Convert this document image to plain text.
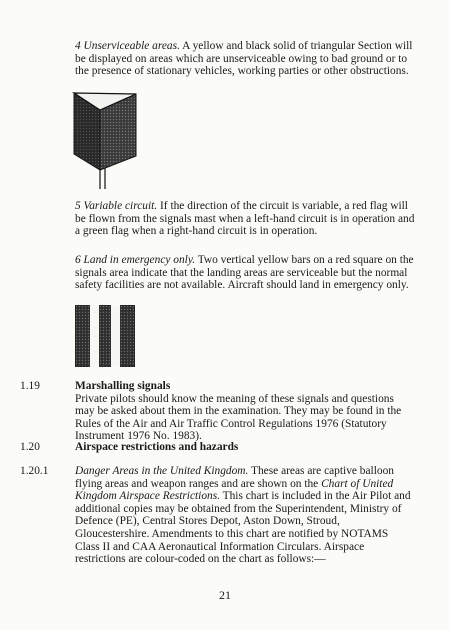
4 Unserviceable areas. A yellow and black solid of triangular Section will be displayed on areas which are unserviceable owing to bad ground or to the presence of stationary vehicles, working parties or other obstructions.

5 Variable circuit. If the direction of the circuit is variable, a red flag will be flown from the signals mast when a left-hand circuit is in operation and a green flag when a right-hand circuit is in operation.

6 Land in emergency only. Two vertical yellow bars on a red square on the signals area indicate that the landing areas are serviceable but the normal safety facilities are not available. Aircraft should land in emergency only.

1.19	Marshalling signals

Private pilots should know the meaning of these signals and questions may be asked about them in the examination. They may be found in the Rules of the Air and Air Traffic Control Regulations 1976 (Statutory Instrument 1976 No. 1983).

1.20	Airspace restrictions and hazards

1.20.1 Danger Areas in the United Kingdom. These areas are captive balloon flying areas and weapon ranges and are shown on the Chart of United Kingdom Airspace Restrictions. This chart is included in the Air Pilot and additional copies may be obtained from the Superintendent, Ministry of Defence (PE), Central Stores Depot, Aston Down, Stroud, Gloucestershire. Amendments to this chart are notified by NOTAMS Class II and CAA Aeronautical Information Circulars. Airspace restrictions are colour-coded on the chart as follows:—

21
